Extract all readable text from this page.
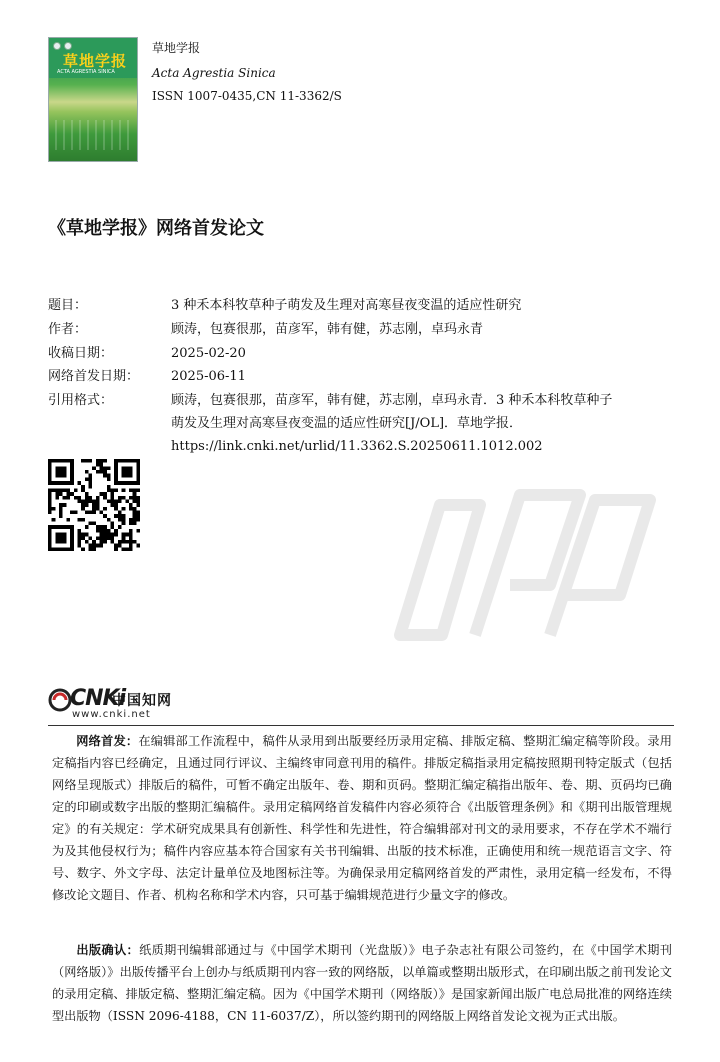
草地学报
ACTA AGRESTIA SINICA
草地学报
Acta Agrestia Sinica
ISSN 1007-0435,CN 11-3362/S
《草地学报》网络首发论文
题目：	3 种禾本科牧草种子萌发及生理对高寒昼夜变温的适应性研究
作者：	顾涛，包赛很那，苗彦军，韩有健，苏志刚，卓玛永青
收稿日期：	2025-02-20
网络首发日期： 2025-06-11
引用格式：	顾涛，包赛很那，苗彦军，韩有健，苏志刚，卓玛永青．3 种禾本科牧草种子
萌发及生理对高寒昼夜变温的适应性研究[J/OL]．草地学报．
https://link.cnki.net/urlid/11.3362.S.20250611.1012.002
CNKi
中国知网
www.cnki.net
网络首发：在编辑部工作流程中，稿件从录用到出版要经历录用定稿、排版定稿、整期汇编定稿等阶段。录用定稿指内容已经确定，且通过同行评议、主编终审同意刊用的稿件。排版定稿指录用定稿按照期刊特定版式（包括网络呈现版式）排版后的稿件，可暂不确定出版年、卷、期和页码。整期汇编定稿指出版年、卷、期、页码均已确定的印刷或数字出版的整期汇编稿件。录用定稿网络首发稿件内容必须符合《出版管理条例》和《期刊出版管理规定》的有关规定：学术研究成果具有创新性、科学性和先进性，符合编辑部对刊文的录用要求，不存在学术不端行为及其他侵权行为；稿件内容应基本符合国家有关书刊编辑、出版的技术标准，正确使用和统一规范语言文字、符号、数字、外文字母、法定计量单位及地图标注等。为确保录用定稿网络首发的严肃性，录用定稿一经发布，不得修改论文题目、作者、机构名称和学术内容，只可基于编辑规范进行少量文字的修改。
出版确认：纸质期刊编辑部通过与《中国学术期刊（光盘版）》电子杂志社有限公司签约，在《中国学术期刊（网络版）》出版传播平台上创办与纸质期刊内容一致的网络版，以单篇或整期出版形式，在印刷出版之前刊发论文的录用定稿、排版定稿、整期汇编定稿。因为《中国学术期刊（网络版）》是国家新闻出版广电总局批准的网络连续型出版物（ISSN 2096-4188，CN 11-6037/Z），所以签约期刊的网络版上网络首发论文视为正式出版。
